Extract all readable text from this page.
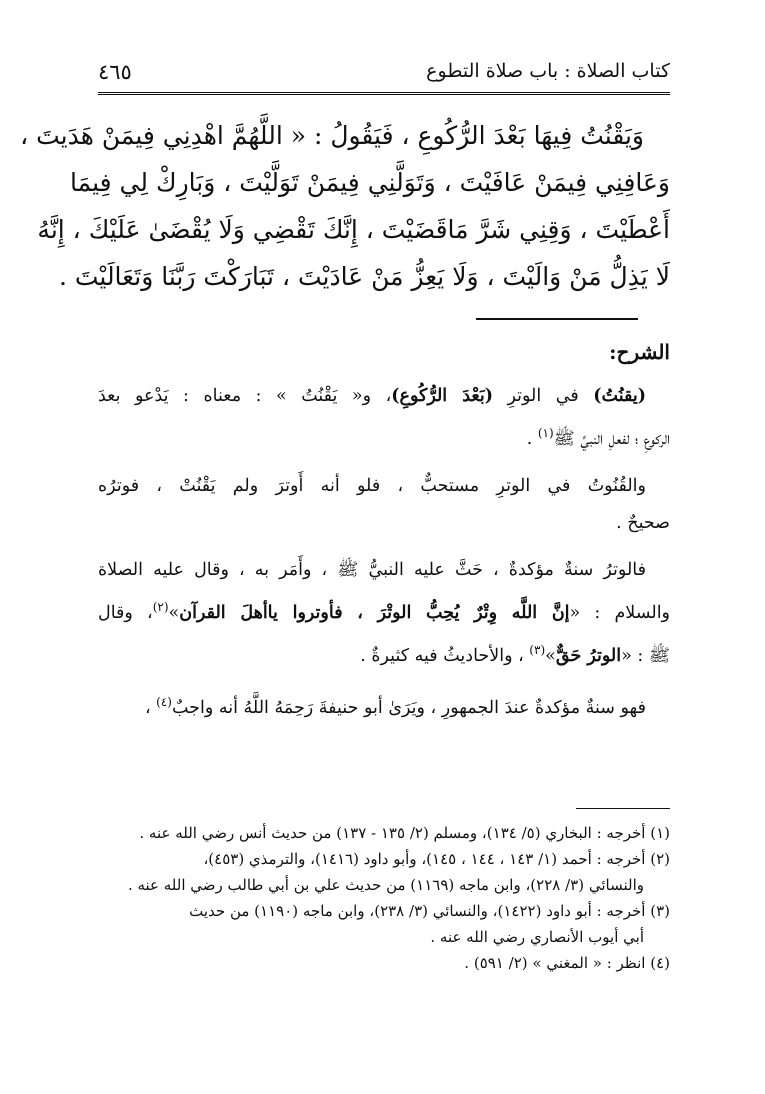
كتاب الصلاة : باب صلاة التطوع
٤٦٥
وَيَقْنُتُ فِيهَا بَعْدَ الرُّكُوعِ ، فَيَقُولُ : « اللَّهُمَّ اهْدِنِي فِيمَنْ هَدَيتَ ،
وَعَافِنِي فِيمَنْ عَافَيْتَ ، وَتَوَلَّنِي فِيمَنْ تَوَلَّيْتَ ، وَبَارِكْ لِي فِيمَا
أَعْطَيْتَ ، وَقِنِي شَرَّ مَاقَضَيْتَ ، إِنَّكَ تَقْضِي وَلَا يُقْضَىٰ عَلَيْكَ ، إِنَّهُ
لَا يَذِلُّ مَنْ وَالَيْتَ ، وَلَا يَعِزُّ مَنْ عَادَيْتَ ، تَبَارَكْتَ رَبَّنَا وَتَعَالَيْتَ .
الشرح:
(يقنُتُ) في الوترِ (بَعْدَ الرُّكُوعِ)، و« يَقْنُتُ » : معناه : يَدْعو بعدَ
الركوعِ ؛ لفعلِ النبيِّ ﷺ$^{(١)}$ .
والقُنُوتُ في الوترِ مستحبٌّ ، فلو أنه أَوترَ ولم يَقْنُتْ ، فوترُه
صحيحٌ .
فالوترُ سنةٌ مؤكدةٌ ، حَثَّ عليه النبيُّ ﷺ ، وأَمَر به ، وقال عليه الصلاة
والسلام : «إنَّ اللَّه وِتْرٌ يُحِبُّ الوتْرَ ، فأوتروا ياأهلَ القرآن»$^{(٢)}$، وقال
ﷺ : «الوترُ حَقٌّ»$^{(٣)}$ ، والأحاديثُ فيه كثيرةٌ .
فهو سنةٌ مؤكدةٌ عندَ الجمهورِ ، ويَرَىٰ أبو حنيفةَ رَحِمَهُ اللَّهُ أنه واجبٌ$^{(٤)}$ ،
(١) أخرجه : البخاري (٥/ ١٣٤)، ومسلم (٢/ ١٣٥ - ١٣٧) من حديث أنس رضي الله عنه .
(٢) أخرجه : أحمد (١/ ١٤٣ ، ١٤٤ ، ١٤٥)، وأبو داود (١٤١٦)، والترمذي (٤٥٣)،
والنسائي (٣/ ٢٢٨)، وابن ماجه (١١٦٩) من حديث علي بن أبي طالب رضي الله عنه .
(٣) أخرجه : أبو داود (١٤٢٢)، والنسائي (٣/ ٢٣٨)، وابن ماجه (١١٩٠) من حديث
أبي أيوب الأنصاري رضي الله عنه .
(٤) انظر : « المغني » (٢/ ٥٩١) .
